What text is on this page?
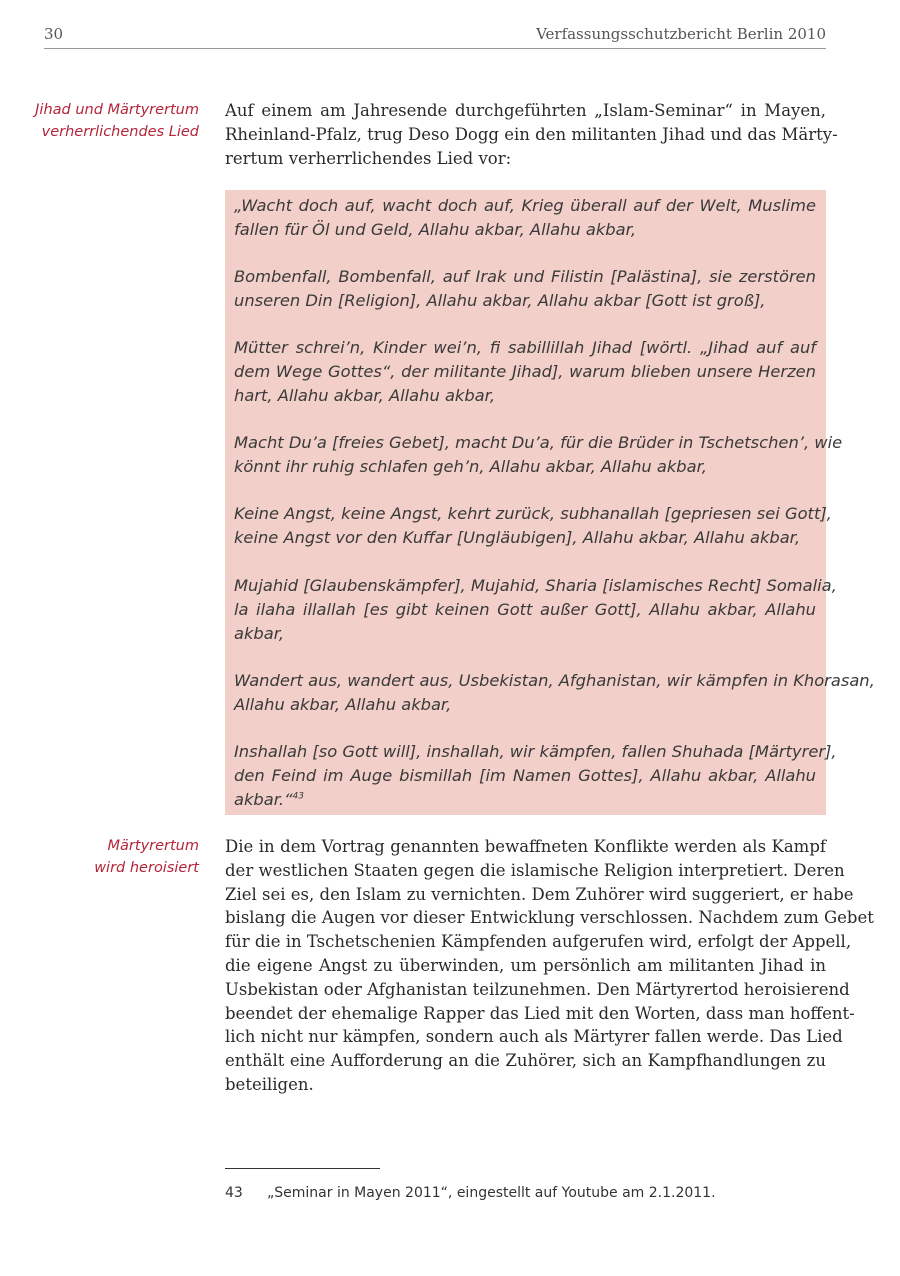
30	Verfassungsschutzbericht Berlin 2010
Jihad und Märtyrertum
verherrlichendes Lied
Auf einem am Jahresende durchgeführten „Islam-Seminar“ in Mayen,
Rheinland-Pfalz, trug Deso Dogg ein den militanten Jihad und das Märty-
rertum verherrlichendes Lied vor:
„Wacht doch auf, wacht doch auf, Krieg überall auf der Welt, Muslime
fallen für Öl und Geld, Allahu akbar, Allahu akbar,
Bombenfall, Bombenfall, auf Irak und Filistin [Palästina], sie zerstören
unseren Din [Religion], Allahu akbar, Allahu akbar [Gott ist groß],
Mütter schrei’n, Kinder wei’n, fi sabillillah Jihad [wörtl. „Jihad auf auf
dem Wege Gottes“, der militante Jihad], warum blieben unsere Herzen
hart, Allahu akbar, Allahu akbar,
Macht Du’a [freies Gebet], macht Du’a, für die Brüder in Tschetschen’, wie
könnt ihr ruhig schlafen geh’n, Allahu akbar, Allahu akbar,
Keine Angst, keine Angst, kehrt zurück, subhanallah [gepriesen sei Gott],
keine Angst vor den Kuffar [Ungläubigen], Allahu akbar, Allahu akbar,
Mujahid [Glaubenskämpfer], Mujahid, Sharia [islamisches Recht] Somalia,
la ilaha illallah [es gibt keinen Gott außer Gott], Allahu akbar, Allahu
akbar,
Wandert aus, wandert aus, Usbekistan, Afghanistan, wir kämpfen in Khorasan,
Allahu akbar, Allahu akbar,
Inshallah [so Gott will], inshallah, wir kämpfen, fallen Shuhada [Märtyrer],
den Feind im Auge bismillah [im Namen Gottes], Allahu akbar, Allahu
akbar.“$^{43}$
Märtyrertum
wird heroisiert
Die in dem Vortrag genannten bewaffneten Konflikte werden als Kampf
der westlichen Staaten gegen die islamische Religion interpretiert. Deren
Ziel sei es, den Islam zu vernichten. Dem Zuhörer wird suggeriert, er habe
bislang die Augen vor dieser Entwicklung verschlossen. Nachdem zum Gebet
für die in Tschetschenien Kämpfenden aufgerufen wird, erfolgt der Appell,
die eigene Angst zu überwinden, um persönlich am militanten Jihad in
Usbekistan oder Afghanistan teilzunehmen. Den Märtyrertod heroisierend
beendet der ehemalige Rapper das Lied mit den Worten, dass man hoffent-
lich nicht nur kämpfen, sondern auch als Märtyrer fallen werde. Das Lied
enthält eine Aufforderung an die Zuhörer, sich an Kampfhandlungen zu
beteiligen.
43 „Seminar in Mayen 2011“, eingestellt auf Youtube am 2.1.2011.
